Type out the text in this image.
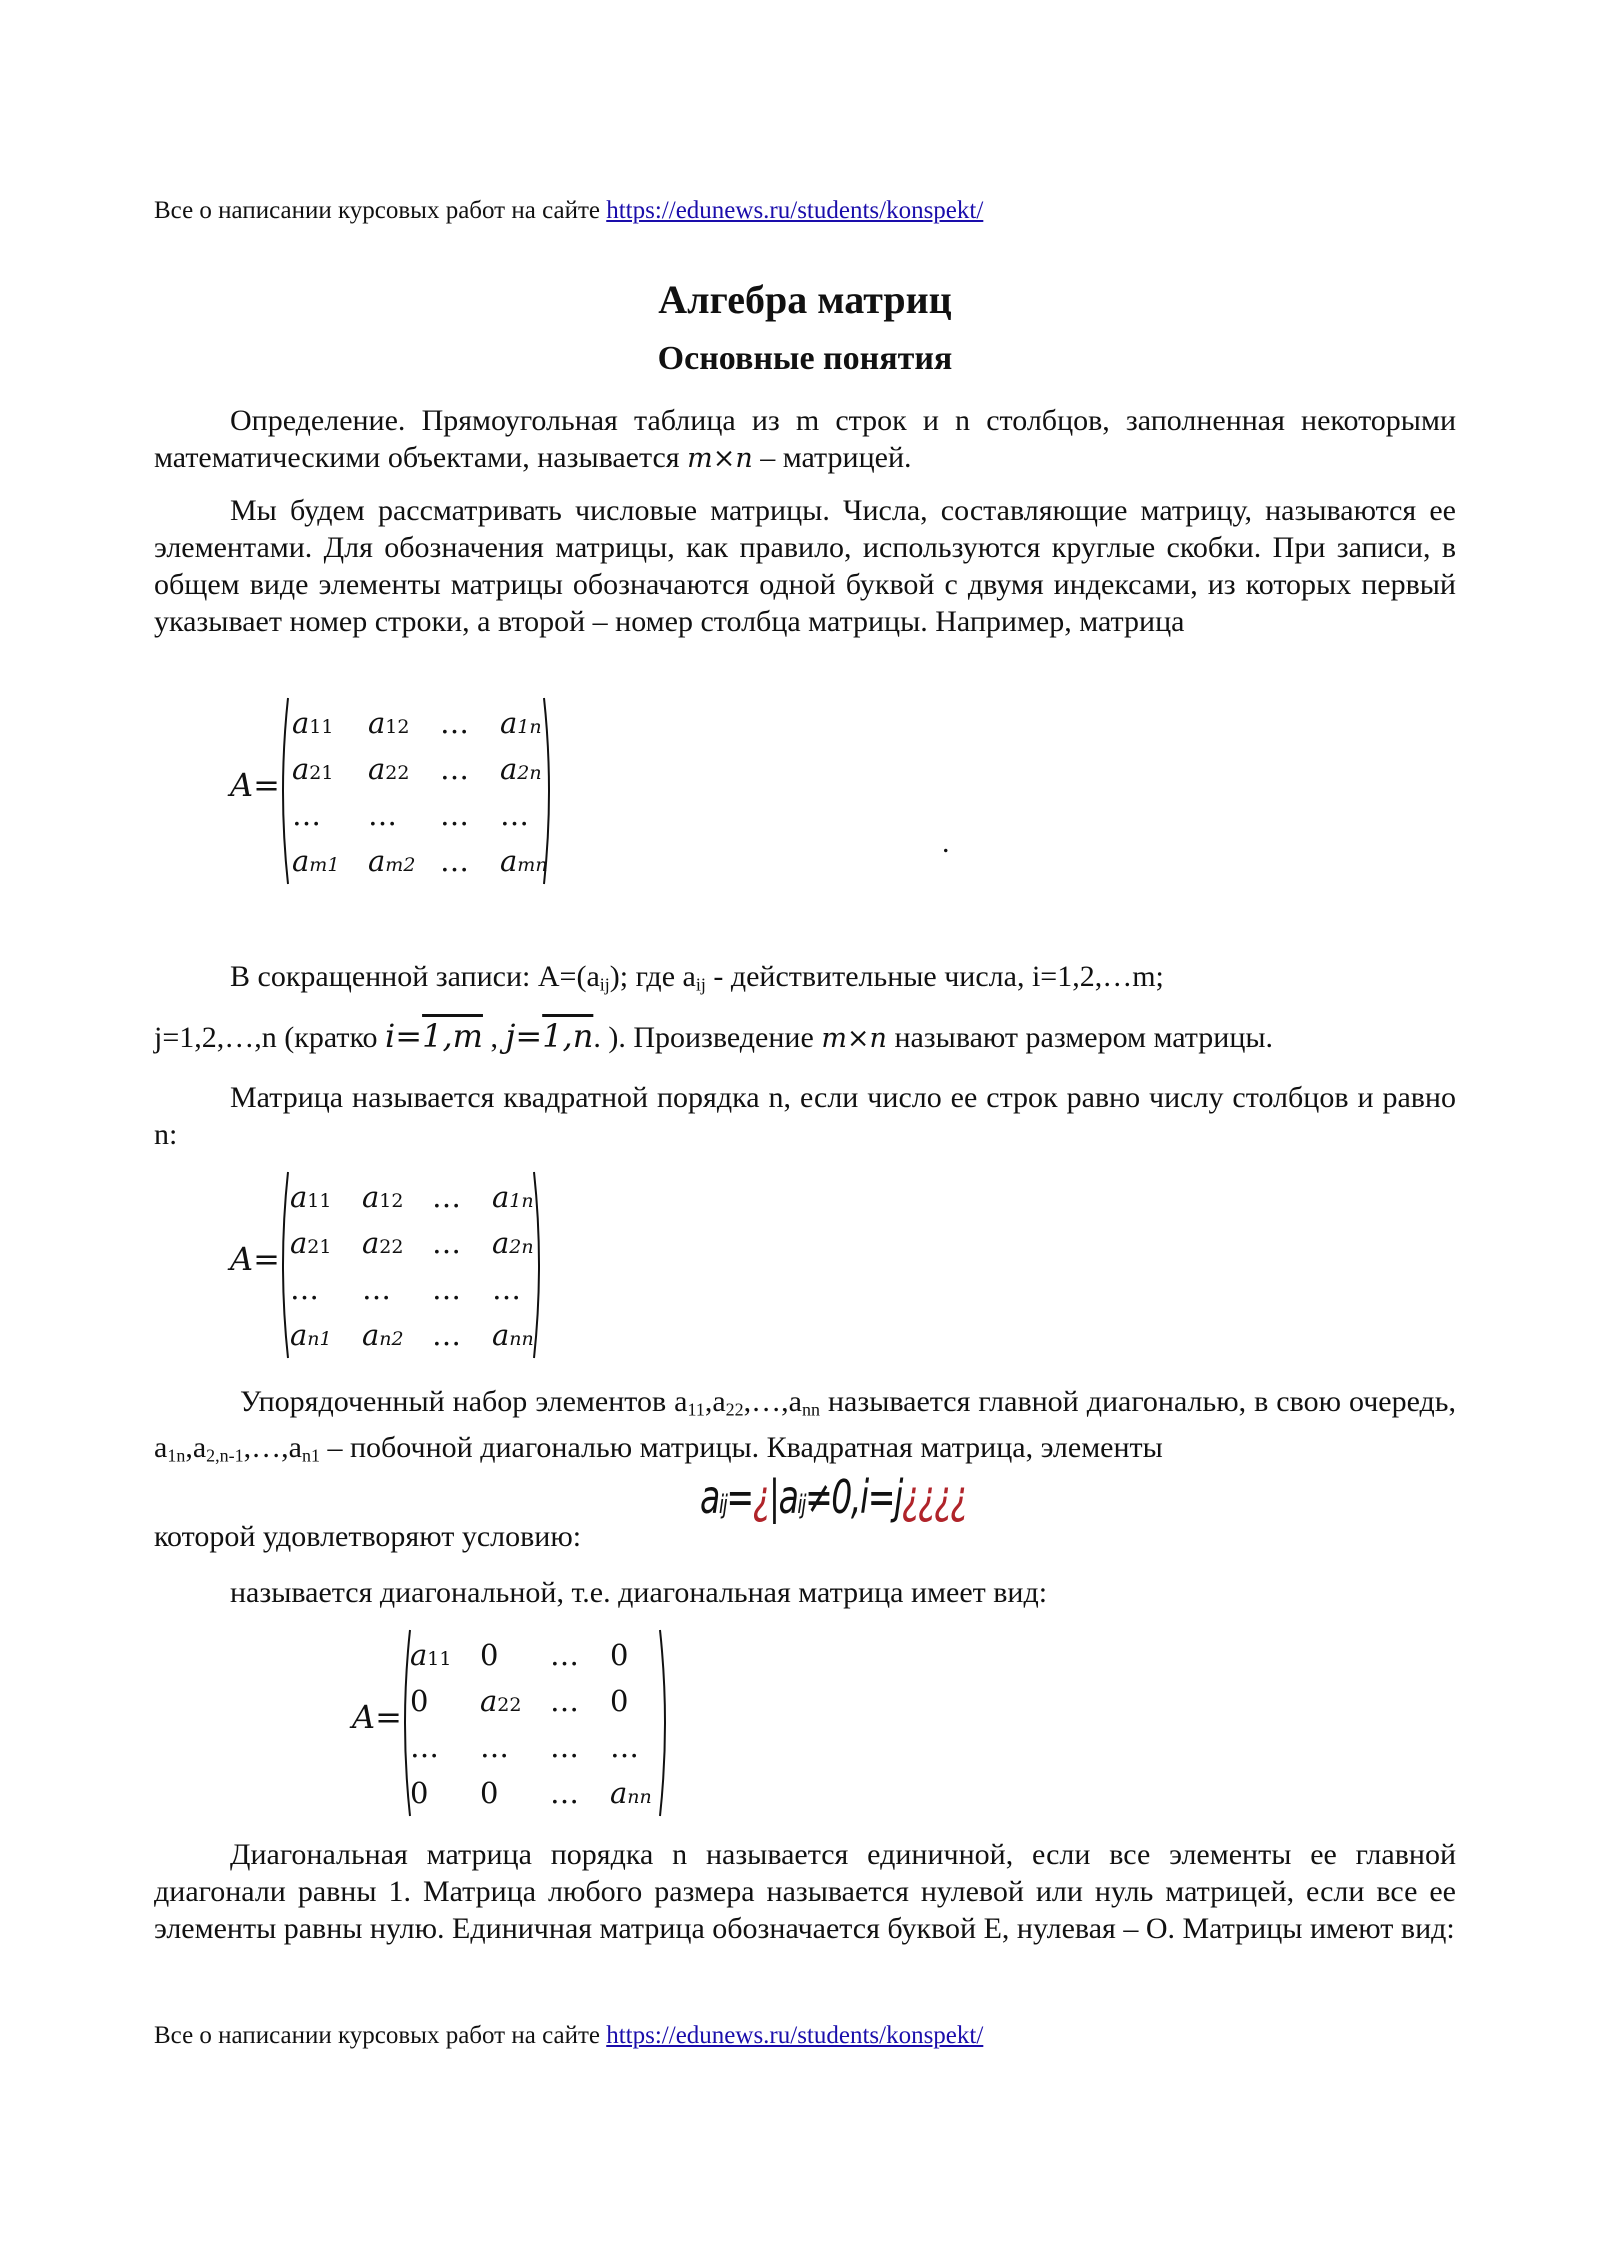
Все о написании курсовых работ на сайте https://edunews.ru/students/konspekt/
Алгебра матриц
Основные понятия
Определение. Прямоугольная таблица из m строк и n столбцов, заполненная некоторыми математическими объектами, называется m×n – матрицей.
Мы будем рассматривать числовые матрицы. Числа, составляющие матрицу, называются ее элементами. Для обозначения матрицы, как правило, используются круглые скобки. При записи, в общем виде элементы матрицы обозначаются одной буквой с двумя индексами, из которых первый указывает номер строки, а второй – номер столбца матрицы. Например, матрица
A=
a11 a12 … a1n
a21 a22 … a2n
… … … …
am1 am2 … amn
.
В сокращенной записи: $A=(a_{ij})$; где $a_{ij}$ - действительные числа, i=1,2,…m;
j=1,2,…,n (кратко i=1,m , j=1,n. ). Произведение m×n называют размером матрицы.
Матрица называется квадратной порядка n, если число ее строк равно числу столбцов и равно n:
A=
a11 a12 … a1n
a21 a22 … a2n
… … … …
an1 an2 … ann
Упорядоченный набор элементов $a_{11},a_{22},\dots,a_{nn}$ называется главной диагональю, в свою очередь, $a_{1n},a_{2,n-1},\dots,a_{n1}$ – побочной диагональю матрицы. Квадратная матрица, элементы
aij=¿|aij≠0,i=j¿¿¿¿
которой удовлетворяют условию:
называется диагональной, т.е. диагональная матрица имеет вид:
A=
a11 0 … 0
0 a22 … 0
… … … …
0 0 … ann
Диагональная матрица порядка n называется единичной, если все элементы ее главной диагонали равны 1. Матрица любого размера называется нулевой или нуль матрицей, если все ее элементы равны нулю. Единичная матрица обозначается буквой E, нулевая – O. Матрицы имеют вид:
Все о написании курсовых работ на сайте https://edunews.ru/students/konspekt/
